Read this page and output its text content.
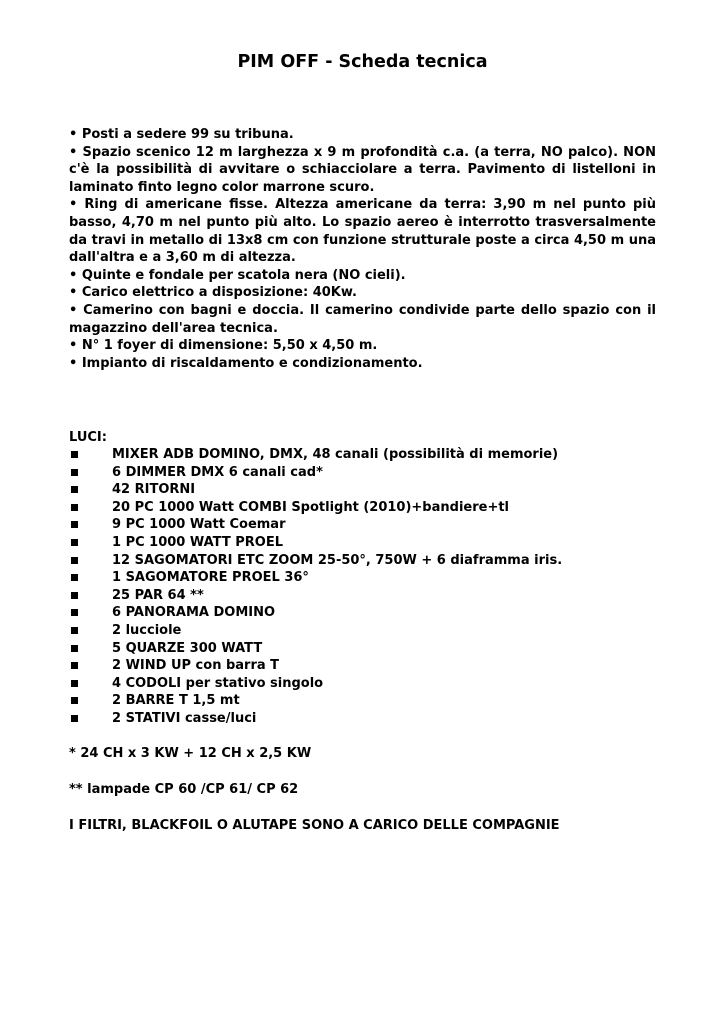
PIM OFF - Scheda tecnica

• Posti a sedere 99 su tribuna.

• Spazio scenico 12 m larghezza x 9 m profondità c.a. (a terra, NO palco). NON c'è la possibilità di avvitare o schiacciolare a terra. Pavimento di listelloni in laminato finto legno color marrone scuro.

• Ring di americane fisse. Altezza americane da terra: 3,90 m nel punto più basso, 4,70 m nel punto più alto. Lo spazio aereo è interrotto trasversalmente da travi in metallo di 13x8 cm con funzione strutturale poste a circa 4,50 m una dall'altra e a 3,60 m di altezza.

• Quinte e fondale per scatola nera (NO cieli).

• Carico elettrico a disposizione: 40Kw.

• Camerino con bagni e doccia. Il camerino condivide parte dello spazio con il magazzino dell'area tecnica.

• N° 1 foyer di dimensione: 5,50 x 4,50 m.

• Impianto di riscaldamento e condizionamento.

LUCI:
MIXER ADB DOMINO, DMX, 48 canali (possibilità di memorie)
6 DIMMER DMX 6 canali cad*
42 RITORNI
20 PC 1000 Watt COMBI Spotlight (2010)+bandiere+tl
9 PC 1000 Watt Coemar
1 PC 1000 WATT PROEL
12 SAGOMATORI ETC ZOOM 25-50°, 750W + 6 diaframma iris.
1 SAGOMATORE PROEL 36°
25 PAR 64 **
6 PANORAMA DOMINO
2 lucciole
5 QUARZE 300 WATT
2 WIND UP con barra T
4 CODOLI per stativo singolo
2 BARRE T 1,5 mt
2 STATIVI casse/luci
* 24 CH x 3 KW + 12 CH x 2,5 KW
** lampade CP 60 /CP 61/ CP 62
I FILTRI, BLACKFOIL O ALUTAPE SONO A CARICO DELLE COMPAGNIE
